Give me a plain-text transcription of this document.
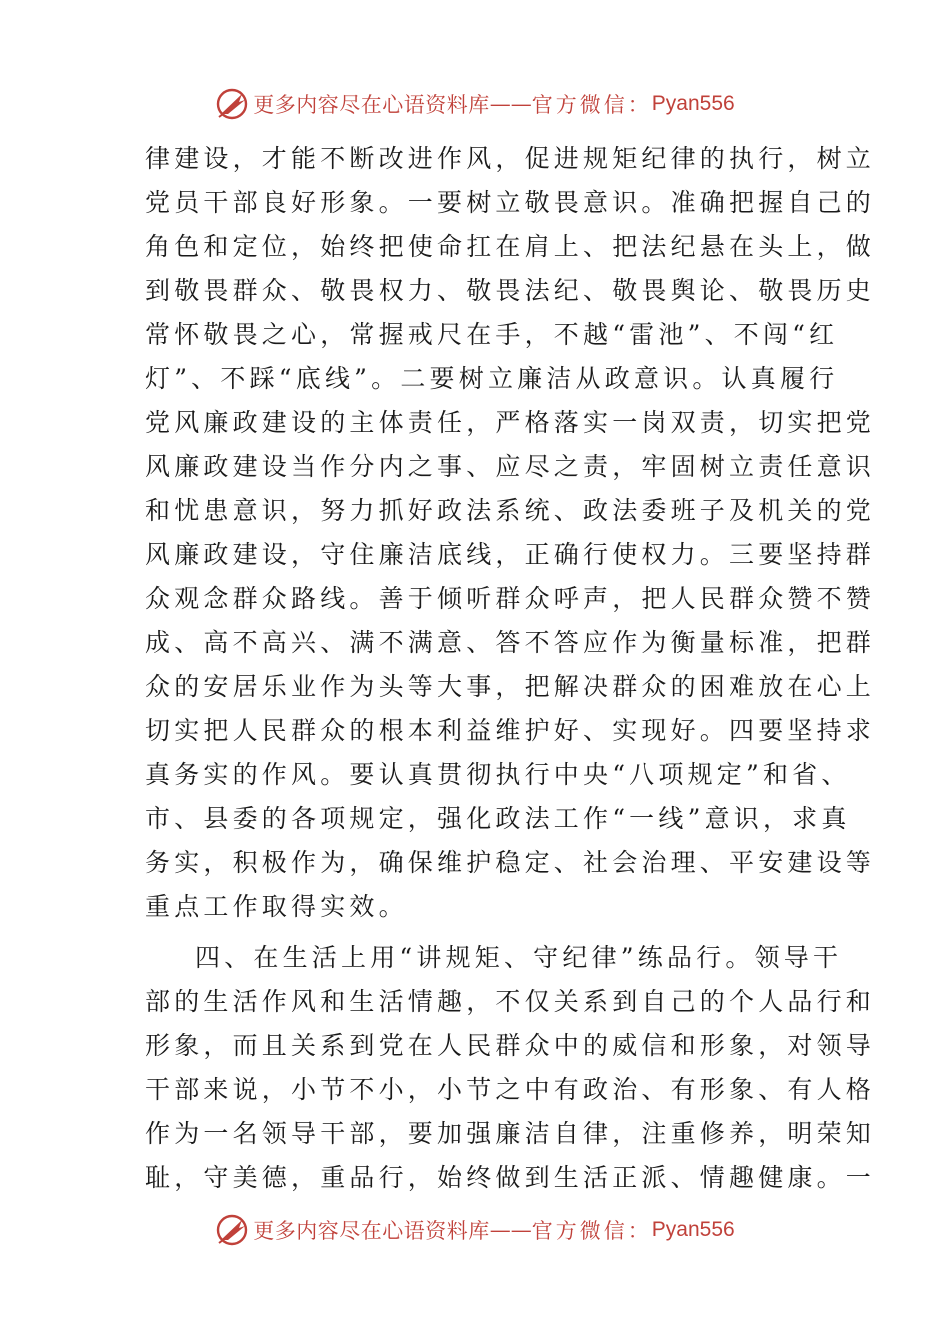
更多内容尽在心语资料库 —— 官方微信： Pyan556
律建设，才能不断改进作风，促进规矩纪律的执行，树立
党员干部良好形象。一要树立敬畏意识。准确把握自己的
角色和定位，始终把使命扛在肩上、把法纪悬在头上，做
到敬畏群众、敬畏权力、敬畏法纪、敬畏舆论、敬畏历史
常怀敬畏之心，常握戒尺在手，不越“雷池”、不闯“红
灯”、不踩“底线”。二要树立廉洁从政意识。认真履行
党风廉政建设的主体责任，严格落实一岗双责，切实把党
风廉政建设当作分内之事、应尽之责，牢固树立责任意识
和忧患意识，努力抓好政法系统、政法委班子及机关的党
风廉政建设，守住廉洁底线，正确行使权力。三要坚持群
众观念群众路线。善于倾听群众呼声，把人民群众赞不赞
成、高不高兴、满不满意、答不答应作为衡量标准，把群
众的安居乐业作为头等大事，把解决群众的困难放在心上
切实把人民群众的根本利益维护好、实现好。四要坚持求
真务实的作风。要认真贯彻执行中央“八项规定”和省、
市、县委的各项规定，强化政法工作“一线”意识，求真
务实，积极作为，确保维护稳定、社会治理、平安建设等
重点工作取得实效。
四、在生活上用“讲规矩、守纪律”练品行。领导干
部的生活作风和生活情趣，不仅关系到自己的个人品行和
形象，而且关系到党在人民群众中的威信和形象，对领导
干部来说，小节不小，小节之中有政治、有形象、有人格
作为一名领导干部，要加强廉洁自律，注重修养，明荣知
耻，守美德，重品行，始终做到生活正派、情趣健康。一
更多内容尽在心语资料库 —— 官方微信： Pyan556
